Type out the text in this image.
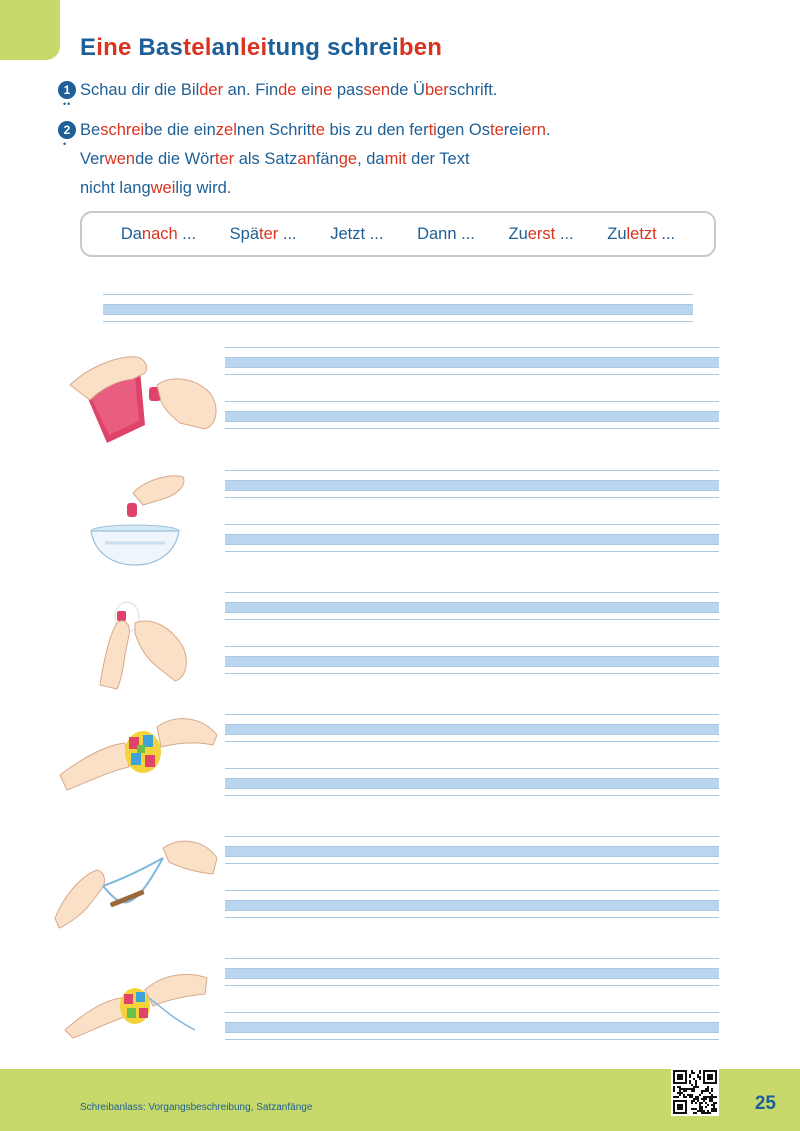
Eine Bastelanleitung schreiben
1
••
Schau dir die Bilder an. Finde eine passende Überschrift.
2
•
Beschreibe die einzelnen Schritte bis zu den fertigen Ostereiern.
Verwende die Wörter als Satzanfänge, damit der Text
nicht langweilig wird.
Danach ... Später ... Jetzt ... Dann ... Zuerst ... Zuletzt ...
Schreibanlass: Vorgangsbeschreibung, Satzanfänge	25
